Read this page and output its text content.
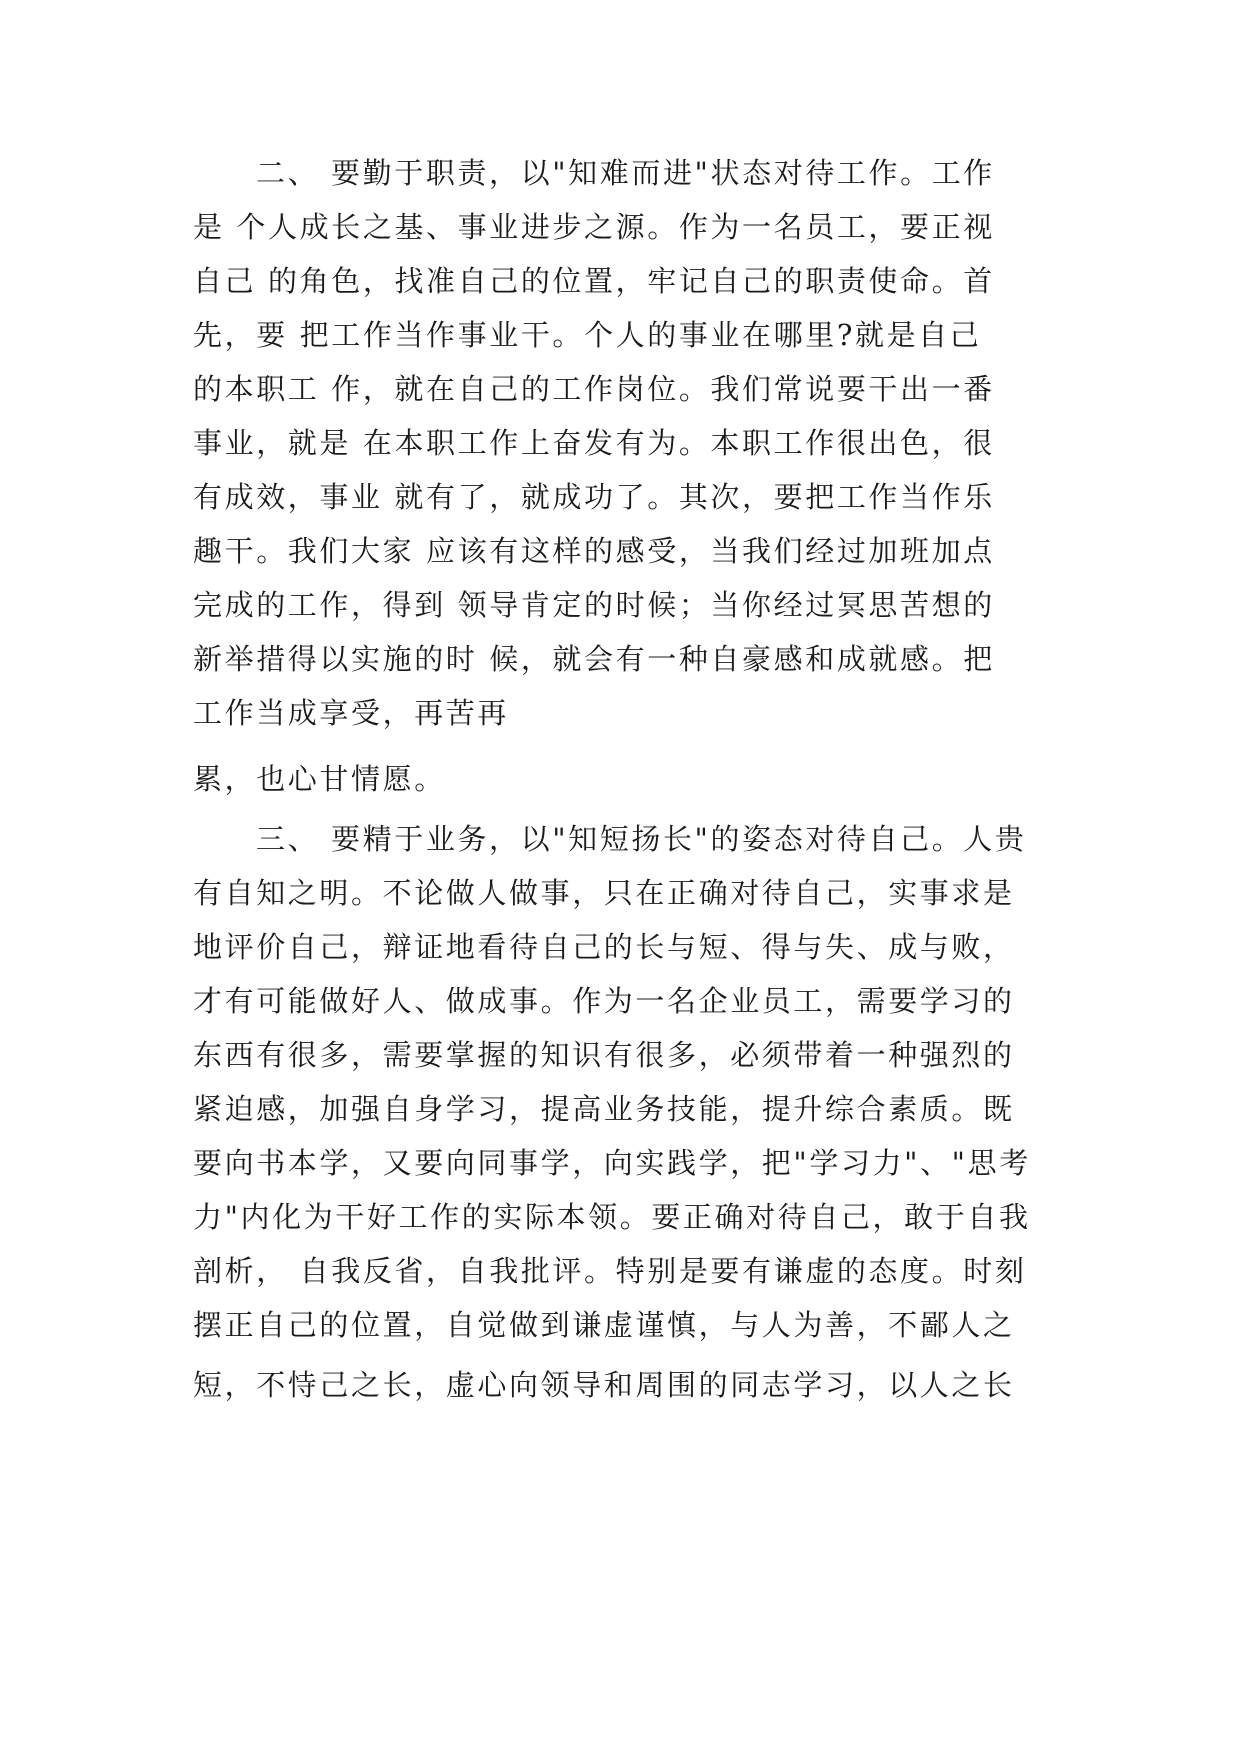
二、 要勤于职责，以"知难而进"状态对待工作。工作
是 个人成长之基、事业进步之源。作为一名员工，要正视
自己 的角色，找准自己的位置，牢记自己的职责使命。首
先，要 把工作当作事业干。个人的事业在哪里?就是自己
的本职工 作，就在自己的工作岗位。我们常说要干出一番
事业，就是 在本职工作上奋发有为。本职工作很出色，很
有成效，事业 就有了，就成功了。其次，要把工作当作乐
趣干。我们大家 应该有这样的感受，当我们经过加班加点
完成的工作，得到 领导肯定的时候；当你经过冥思苦想的
新举措得以实施的时 候，就会有一种自豪感和成就感。把
工作当成享受，再苦再
累，也心甘情愿。
三、 要精于业务，以"知短扬长"的姿态对待自己。人贵
有自知之明。不论做人做事，只在正确对待自己，实事求是
地评价自己，辩证地看待自己的长与短、得与失、成与败，
才有可能做好人、做成事。作为一名企业员工，需要学习的
东西有很多，需要掌握的知识有很多，必须带着一种强烈的
紧迫感，加强自身学习，提高业务技能，提升综合素质。既
要向书本学，又要向同事学，向实践学，把"学习力"、"思考
力"内化为干好工作的实际本领。要正确对待自己，敢于自我
剖析， 自我反省，自我批评。特别是要有谦虚的态度。时刻
摆正自己的位置，自觉做到谦虚谨慎，与人为善，不鄙人之
短，不恃己之长，虚心向领导和周围的同志学习，以人之长
